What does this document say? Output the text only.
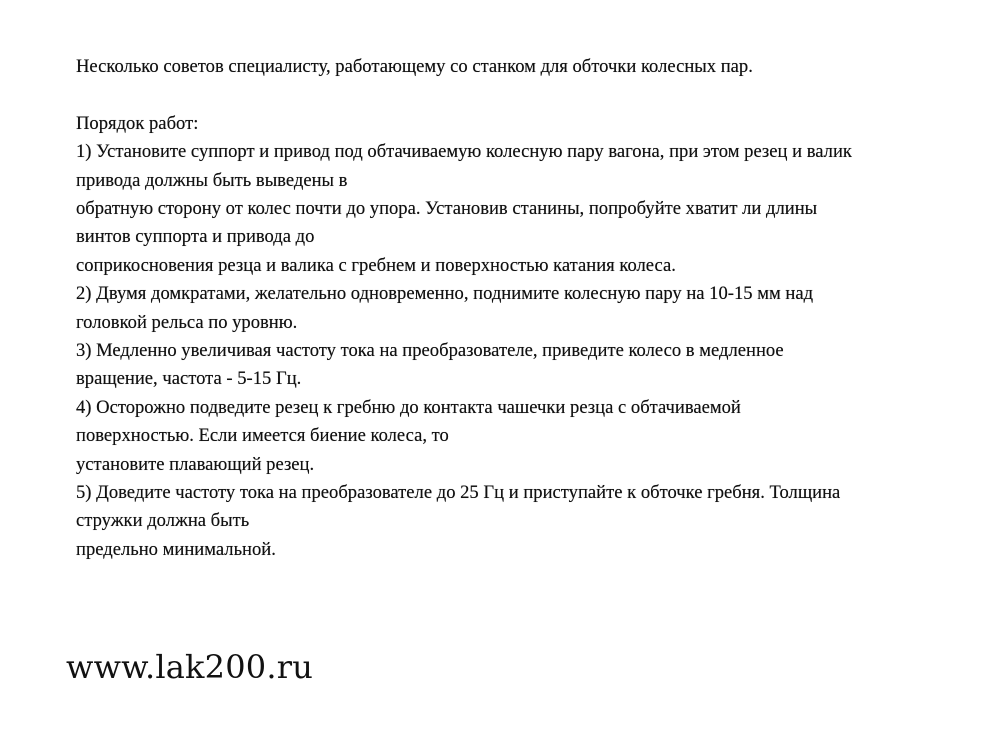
Несколько советов специалисту, работающему со станком для обточки колесных пар.
Порядок работ:
1) Установите суппорт и привод под обтачиваемую колесную пару вагона, при этом резец и валик
привода должны быть выведены в
обратную сторону от колес почти до упора. Установив станины, попробуйте хватит ли длины
винтов суппорта и привода до
соприкосновения резца и валика с гребнем и поверхностью катания колеса.
2) Двумя домкратами, желательно одновременно, поднимите колесную пару на 10-15 мм над
головкой рельса по уровню.
3) Медленно увеличивая частоту тока на преобразователе, приведите колесо в медленное
вращение, частота - 5-15 Гц.
4) Осторожно подведите резец к гребню до контакта чашечки резца с обтачиваемой
поверхностью. Если имеется биение колеса, то
установите плавающий резец.
5) Доведите частоту тока на преобразователе до 25 Гц и приступайте к обточке гребня. Толщина
стружки должна быть
предельно минимальной.
www.lak200.ru
